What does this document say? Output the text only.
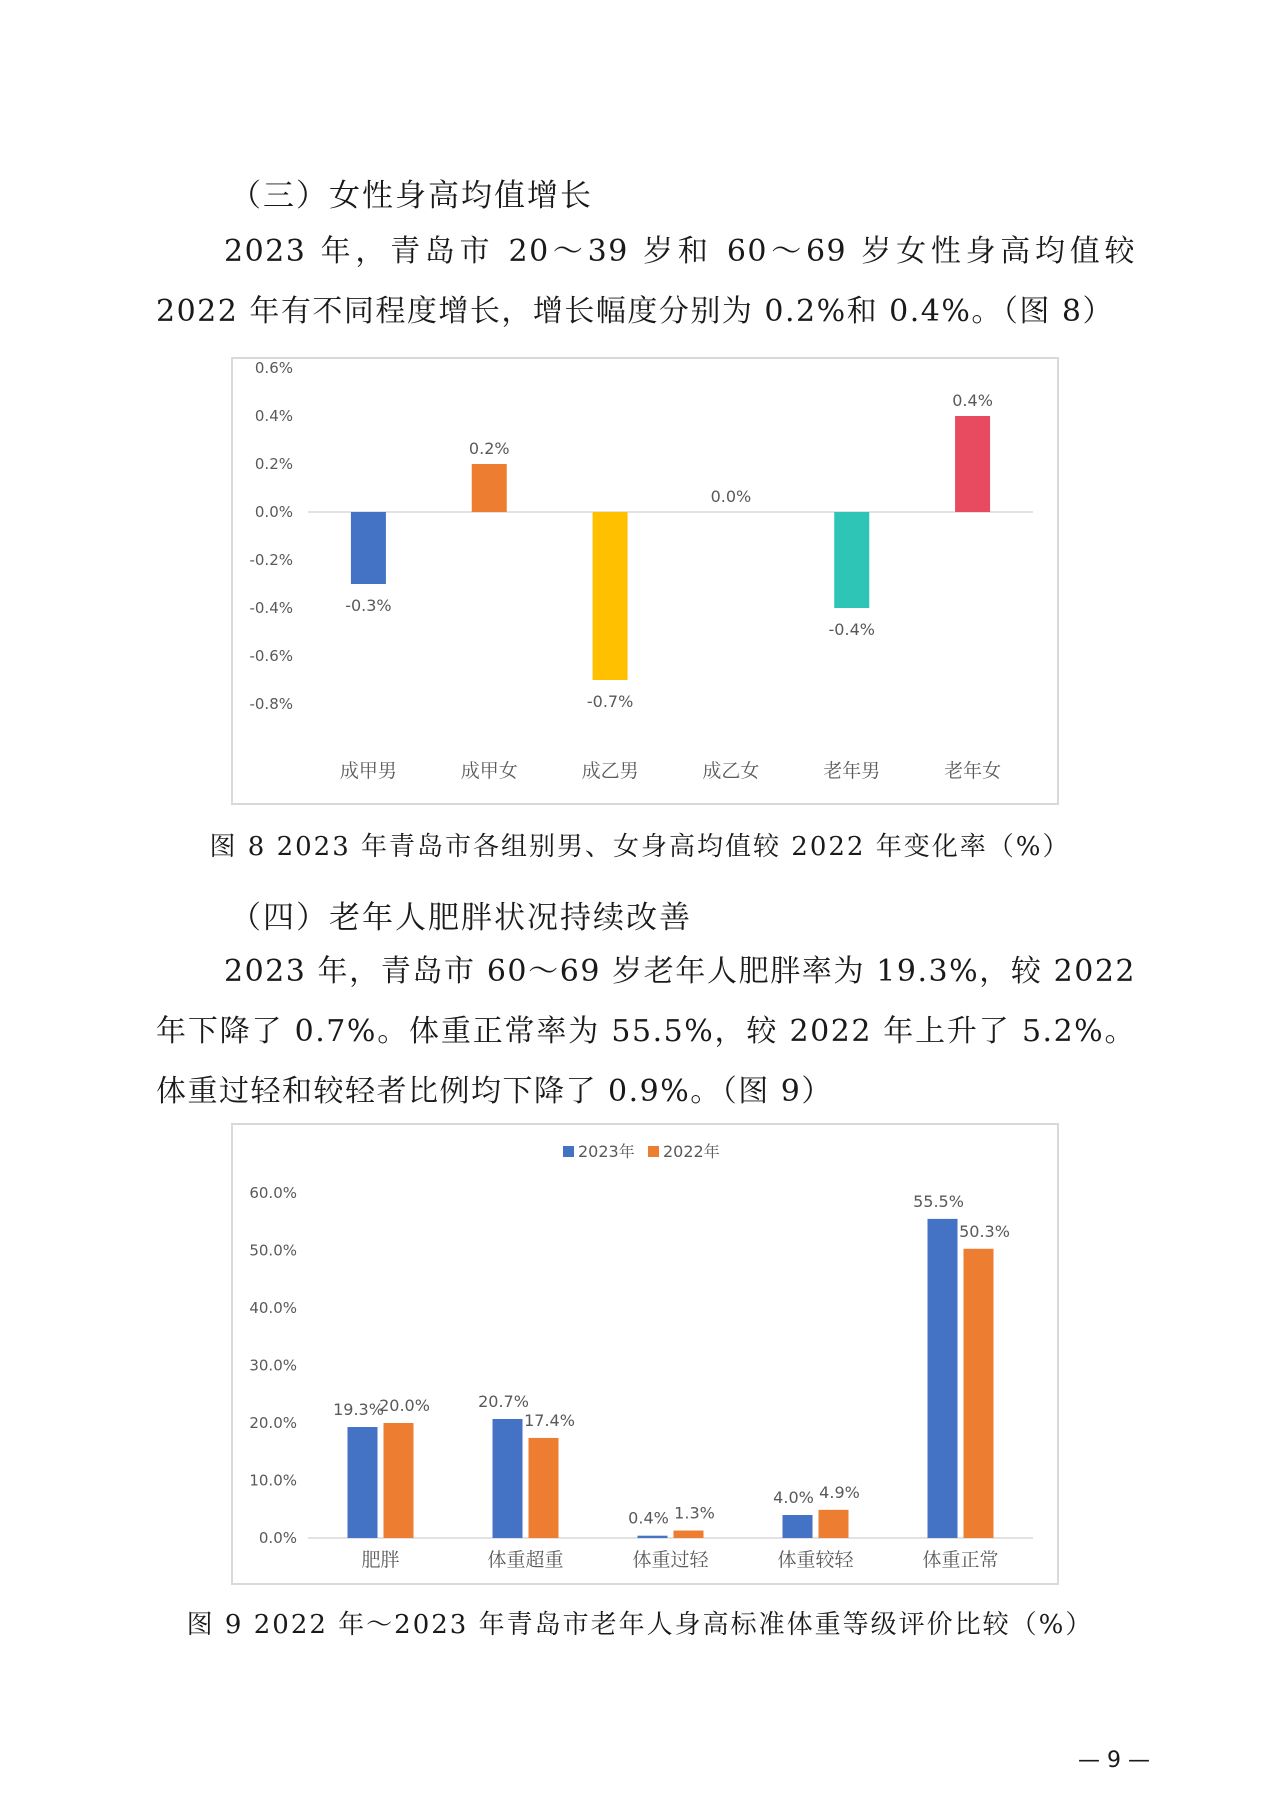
（三）女性身高均值增长

2023 年，青岛市 20～39 岁和 60～69 岁女性身高均值较 2022 年有不同程度增长，增长幅度分别为 0.2%和 0.4%。（图 8）

0.6%
0.4%
0.2%
0.0%
-0.2%
-0.4%
-0.6%
-0.8%
-0.3%
成甲男
0.2%
成甲女
-0.7%
成乙男
0.0%
成乙女
-0.4%
老年男
0.4%
老年女
图 8 2023 年青岛市各组别男、女身高均值较 2022 年变化率（%）
（四）老年人肥胖状况持续改善

2023 年，青岛市 60～69 岁老年人肥胖率为 19.3%，较 2022 年下降了 0.7%。体重正常率为 55.5%，较 2022 年上升了 5.2%。体重过轻和较轻者比例均下降了 0.9%。（图 9）

2023年 2022年
60.0%
50.0%
40.0%
30.0%
20.0%
10.0%
0.0%
19.3%
20.0%
肥胖
20.7%
17.4%
体重超重
0.4% 1.3%
体重过轻
4.0% 4.9%
体重较轻
55.5%
50.3%
体重正常
图 9 2022 年～2023 年青岛市老年人身高标准体重等级评价比较（%）
— 9 —
